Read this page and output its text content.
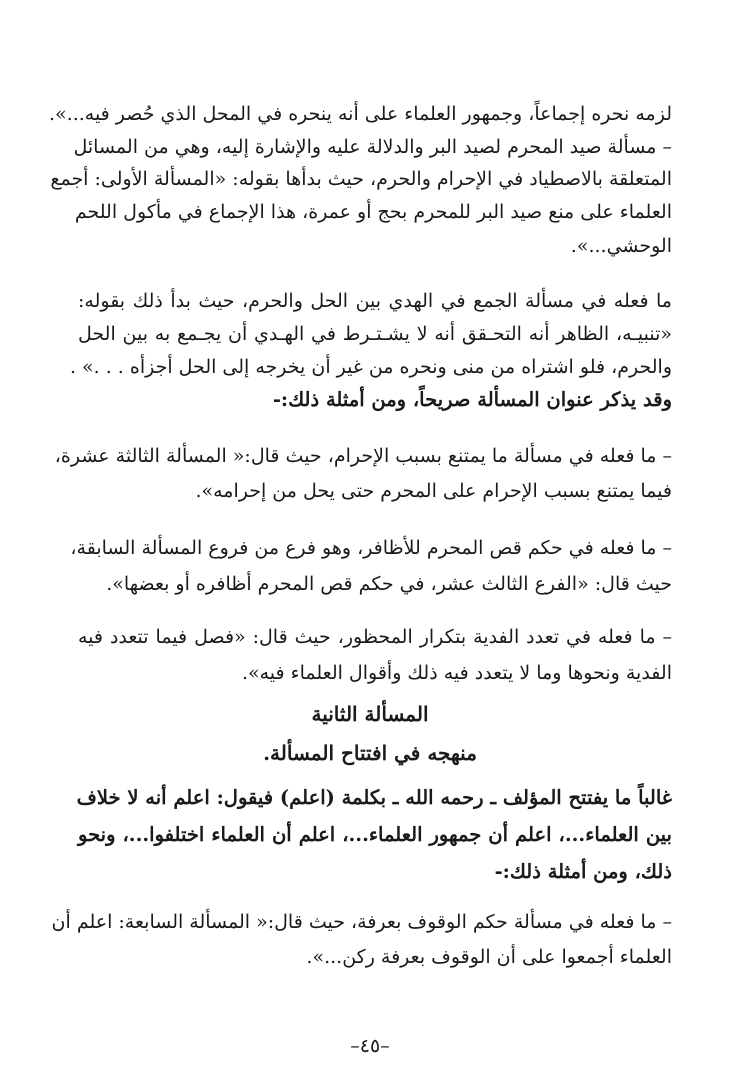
لزمه نحره إجماعاً، وجمهور العلماء على أنه ينحره في المحل الذي حُصر فيه...».

– مسألة صيد المحرم لصيد البر والدلالة عليه والإشارة إليه، وهي من المسائل

المتعلقة بالاصطياد في الإحرام والحرم، حيث بدأها بقوله: «المسألة الأولى: أجمع

العلماء على منع صيد البر للمحرم بحج أو عمرة، هذا الإجماع في مأكول اللحم

الوحشي...».

ما فعله في مسألة الجمع في الهدي بين الحل والحرم، حيث بدأ ذلك بقوله:

«تنبيـه، الظاهر أنه التحـقق أنه لا يشـتـرط في الهـدي أن يجـمع به بين الحل

والحرم، فلو اشتراه من منى ونحره من غير أن يخرجه إلى الحل أجزأه . . .» .

وقد يذكر عنوان المسألة صريحاً، ومن أمثلة ذلك:-

– ما فعله في مسألة ما يمتنع بسبب الإحرام، حيث قال:« المسألة الثالثة عشرة،

فيما يمتنع بسبب الإحرام على المحرم حتى يحل من إحرامه».

– ما فعله في حكم قص المحرم للأظافر، وهو فرع من فروع المسألة السابقة،

حيث قال: «الفرع الثالث عشر، في حكم قص المحرم أظافره أو بعضها».

– ما فعله في تعدد الفدية بتكرار المحظور، حيث قال: «فصل فيما تتعدد فيه

الفدية ونحوها وما لا يتعدد فيه ذلك وأقوال العلماء فيه».

المسألة الثانية

منهجه في افتتاح المسألة.

غالباً ما يفتتح المؤلف ـ رحمه الله ـ بكلمة (اعلم) فيقول: اعلم أنه لا خلاف

بين العلماء...، اعلم أن جمهور العلماء...، اعلم أن العلماء اختلفوا...، ونحو

ذلك، ومن أمثلة ذلك:-

– ما فعله في مسألة حكم الوقوف بعرفة، حيث قال:« المسألة السابعة: اعلم أن

العلماء أجمعوا على أن الوقوف بعرفة ركن...».

–٤٥–
